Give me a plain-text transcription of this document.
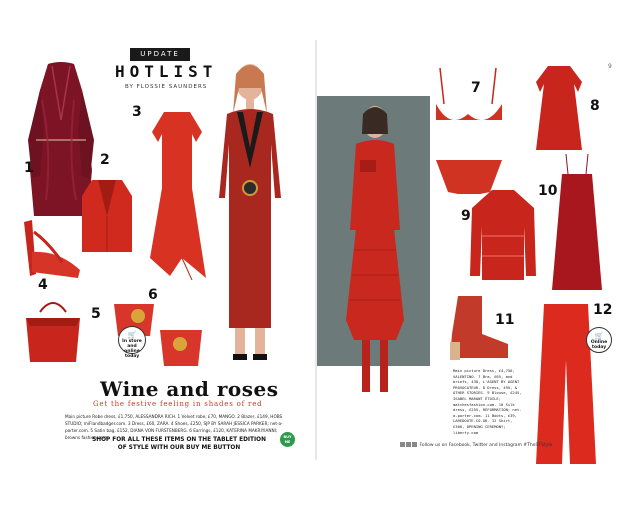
9
UPDATE
HOTLIST
BY FLOSSIE SAUNDERS
1	2
3
4
5
6
7
8
9
10
11
12
🛒
In store and online today
🛒
Online today
Wine and roses
Get the festive feeling in shades of red
Main picture Robe dress, £1,750, ALESSANDRA RICH. 1 Velvet robe, £70, MANGO. 2 Blazer, £149, HOBS STUDIO; miFlandbadger.com. 3 Dress, £60, ZARA. 4 Shoes, £250, SJP BY SARAH JESSICA PARKER; net-a-porter.com. 5 Satin bag, £152, DIANA VON FURSTENBERG. 6 Earrings, £120, KATERINA MAKRIYIANNI; browns fashion.com
SHOP FOR ALL THESE ITEMS ON THE TABLET EDITION OF STYLE WITH OUR BUY ME BUTTON
BUY ME
Main picture Dress, £4,750, VALENTINO. 7 Bra, £65, and briefs, £30, L'AGENT BY AGENT PROVOCATEUR. 8 Dress, £95, & OTHER STORIES. 9 Blouse, £245, ISABEL MARANT ÉTOILE; matchesfashion.com. 10 Silk dress, £255, REFORMATION; net-a-porter.com. 11 Boots, £39, LAREDOUTE.CO.UK. 12 Skirt, £300, OPENING CEREMONY; liberty.com
Follow us on Facebook, Twitter and Instagram #TheSTStyle
